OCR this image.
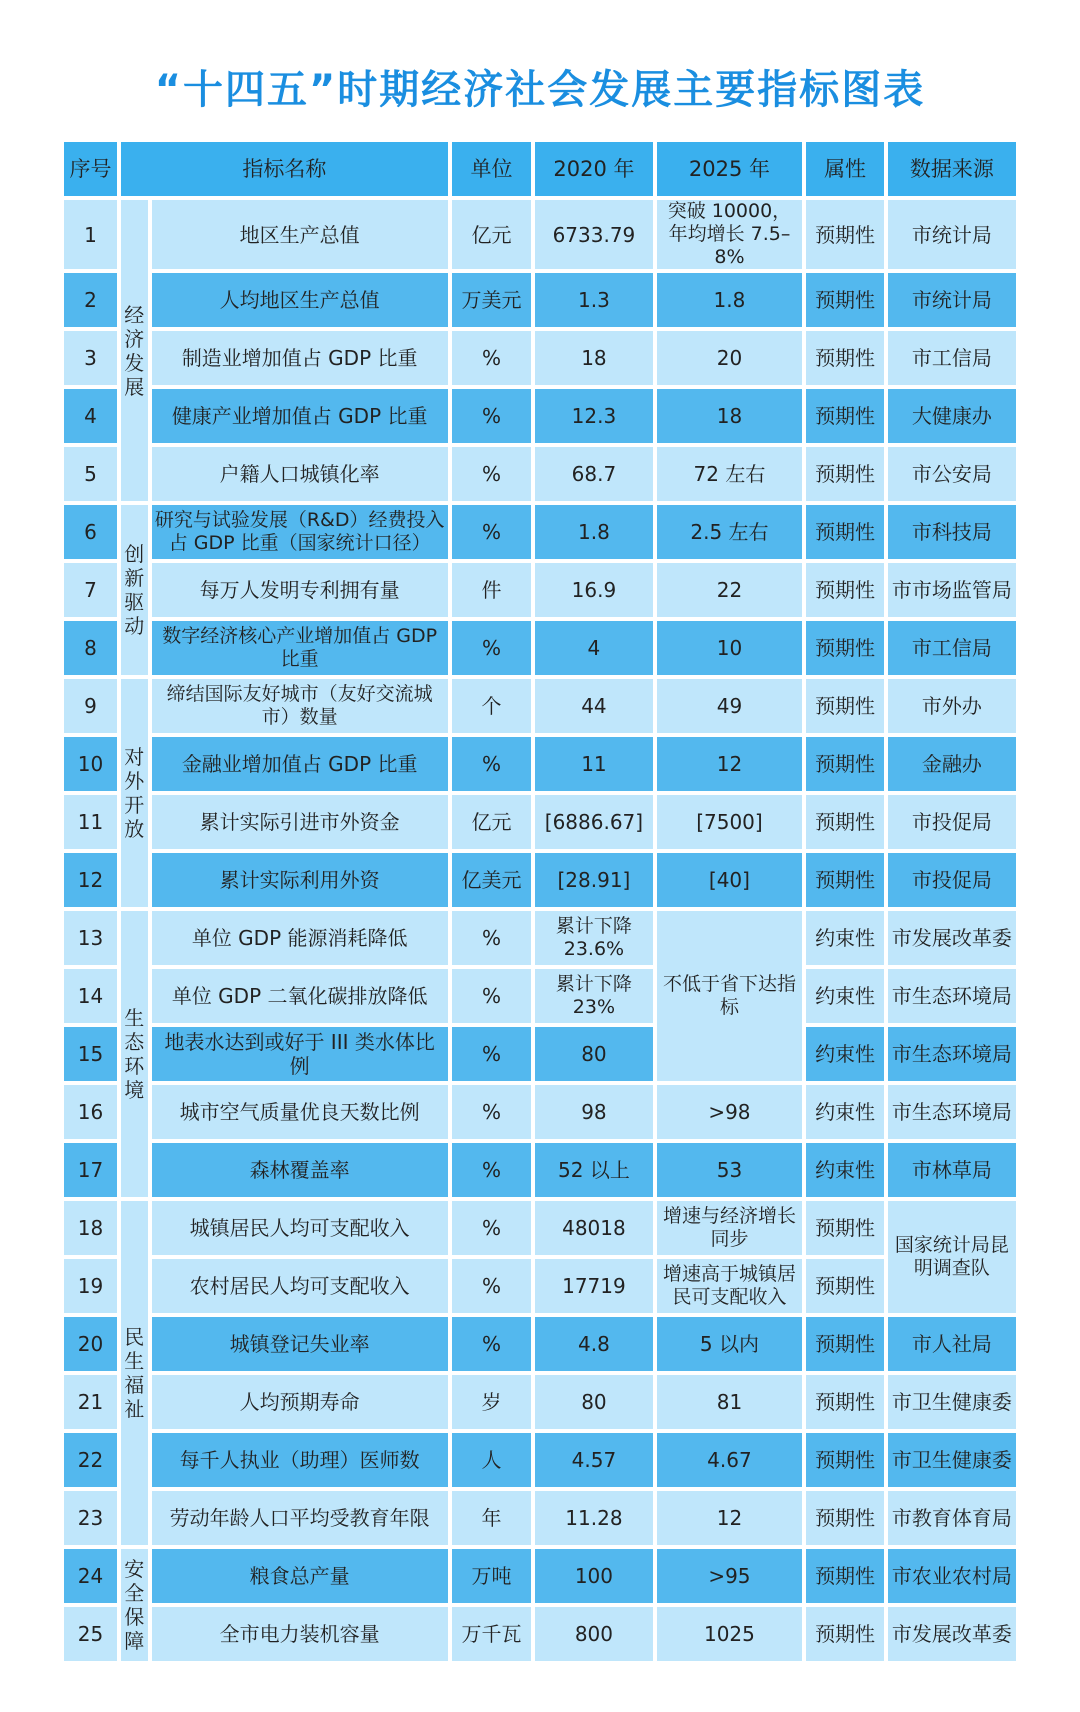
“十四五”时期经济社会发展主要指标图表
序号	指标名称		单位	2020 年	2025 年	属性	数据来源
1	经济发展	地区生产总值	亿元	6733.79	突破 10000，年均增长 7.5–8%	预期性	市统计局
2		人均地区生产总值	万美元	1.3	1.8	预期性	市统计局
3		制造业增加值占 GDP 比重	%	18	20	预期性	市工信局
4		健康产业增加值占 GDP 比重	%	12.3	18	预期性	大健康办
5		户籍人口城镇化率	%	68.7	72 左右	预期性	市公安局
6	创新驱动	研究与试验发展（R&D）经费投入占 GDP 比重（国家统计口径）	%	1.8	2.5 左右	预期性	市科技局
7		每万人发明专利拥有量	件	16.9	22	预期性	市市场监管局
8		数字经济核心产业增加值占 GDP 比重	%	4	10	预期性	市工信局
9	对外开放	缔结国际友好城市（友好交流城市）数量	个	44	49	预期性	市外办
10		金融业增加值占 GDP 比重	%	11	12	预期性	金融办
11		累计实际引进市外资金	亿元	[6886.67]	[7500]	预期性	市投促局
12		累计实际利用外资	亿美元	[28.91]	[40]	预期性	市投促局
13	生态环境	单位 GDP 能源消耗降低	%	累计下降 23.6%	不低于省下达指标	约束性	市发展改革委
14		单位 GDP 二氧化碳排放降低	%	累计下降 23%		约束性	市生态环境局
15		地表水达到或好于 III 类水体比例	%	80		约束性	市生态环境局
16		城市空气质量优良天数比例	%	98	>98	约束性	市生态环境局
17		森林覆盖率	%	52 以上	53	约束性	市林草局
18	民生福祉	城镇居民人均可支配收入	%	48018	增速与经济增长同步	预期性	国家统计局昆明调查队
19		农村居民人均可支配收入	%	17719	增速高于城镇居民可支配收入	预期性	
20		城镇登记失业率	%	4.8	5 以内	预期性	市人社局
21		人均预期寿命	岁	80	81	预期性	市卫生健康委
22		每千人执业（助理）医师数	人	4.57	4.67	预期性	市卫生健康委
23		劳动年龄人口平均受教育年限	年	11.28	12	预期性	市教育体育局
24	安全保障	粮食总产量	万吨	100	>95	预期性	市农业农村局
25		全市电力装机容量	万千瓦	800	1025	预期性	市发展改革委
